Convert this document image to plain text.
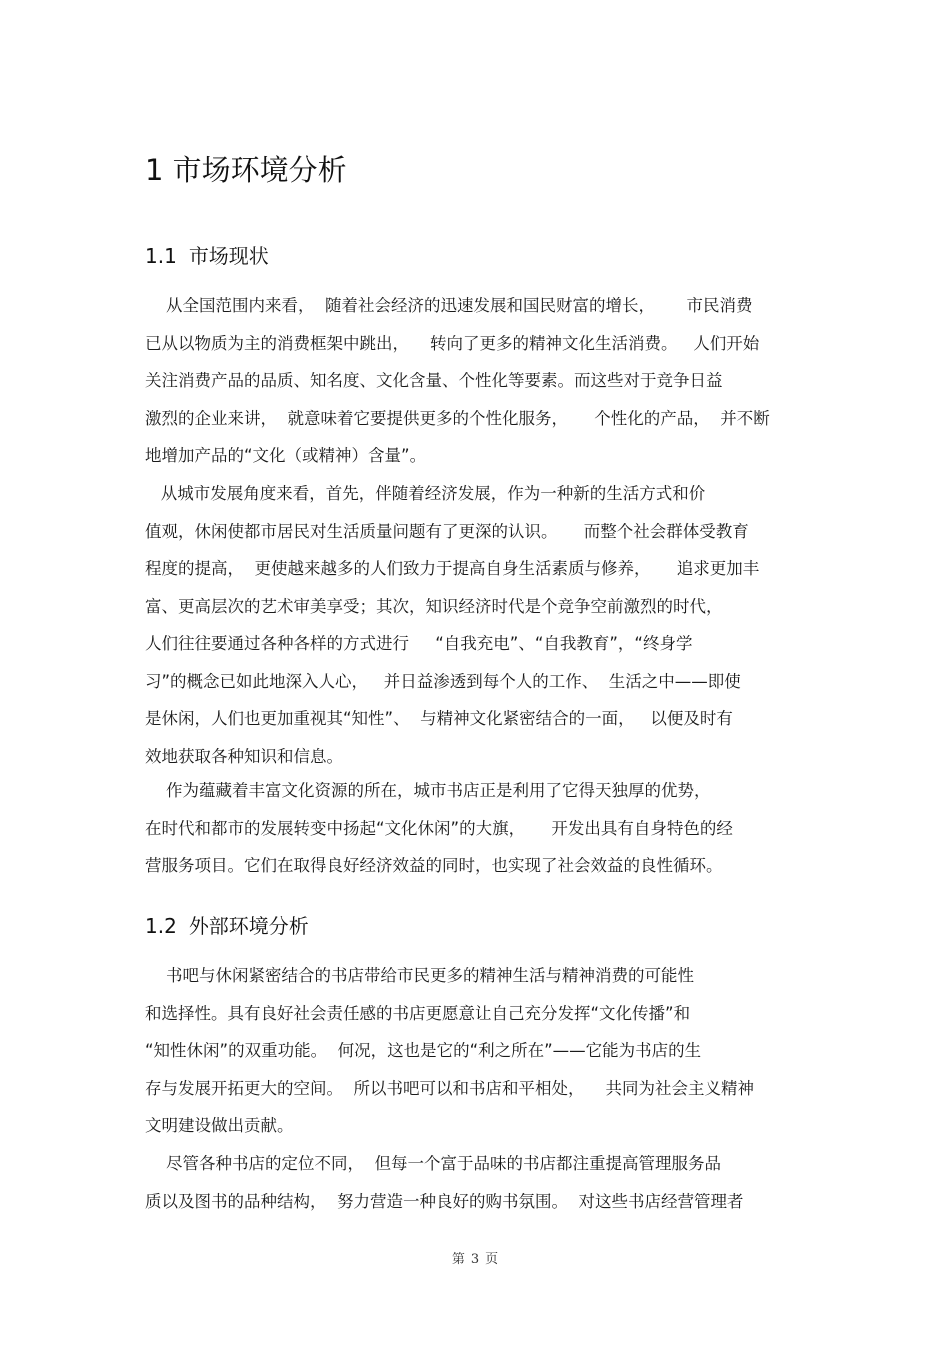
1 市场环境分析
1.1 市场现状
从全国范围内来看，  随着社会经济的迅速发展和国民财富的增长，      市民消费
已从以物质为主的消费框架中跳出，    转向了更多的精神文化生活消费。   人们开始
关注消费产品的品质、知名度、文化含量、个性化等要素。而这些对于竞争日益
激烈的企业来讲，  就意味着它要提供更多的个性化服务，     个性化的产品，  并不断
地增加产品的“文化（或精神）含量”。
从城市发展角度来看，首先，伴随着经济发展，作为一种新的生活方式和价
值观，休闲使都市居民对生活质量问题有了更深的认识。     而整个社会群体受教育
程度的提高，  更使越来越多的人们致力于提高自身生活素质与修养，     追求更加丰
富、更高层次的艺术审美享受；其次，知识经济时代是个竞争空前激烈的时代，
人们往往要通过各种各样的方式进行     “自我充电”、“自我教育”，“终身学
习”的概念已如此地深入人心，   并日益渗透到每个人的工作、  生活之中——即使
是休闲，人们也更加重视其“知性”、  与精神文化紧密结合的一面，   以便及时有
效地获取各种知识和信息。
作为蕴藏着丰富文化资源的所在，城市书店正是利用了它得天独厚的优势，
在时代和都市的发展转变中扬起“文化休闲”的大旗，     开发出具有自身特色的经
营服务项目。它们在取得良好经济效益的同时，也实现了社会效益的良性循环。
1.2 外部环境分析
书吧与休闲紧密结合的书店带给市民更多的精神生活与精神消费的可能性
和选择性。具有良好社会责任感的书店更愿意让自己充分发挥“文化传播”和
“知性休闲”的双重功能。  何况，这也是它的“利之所在”——它能为书店的生
存与发展开拓更大的空间。  所以书吧可以和书店和平相处，    共同为社会主义精神
文明建设做出贡献。
尽管各种书店的定位不同，  但每一个富于品味的书店都注重提高管理服务品
质以及图书的品种结构，  努力营造一种良好的购书氛围。  对这些书店经营管理者
第 3 页
